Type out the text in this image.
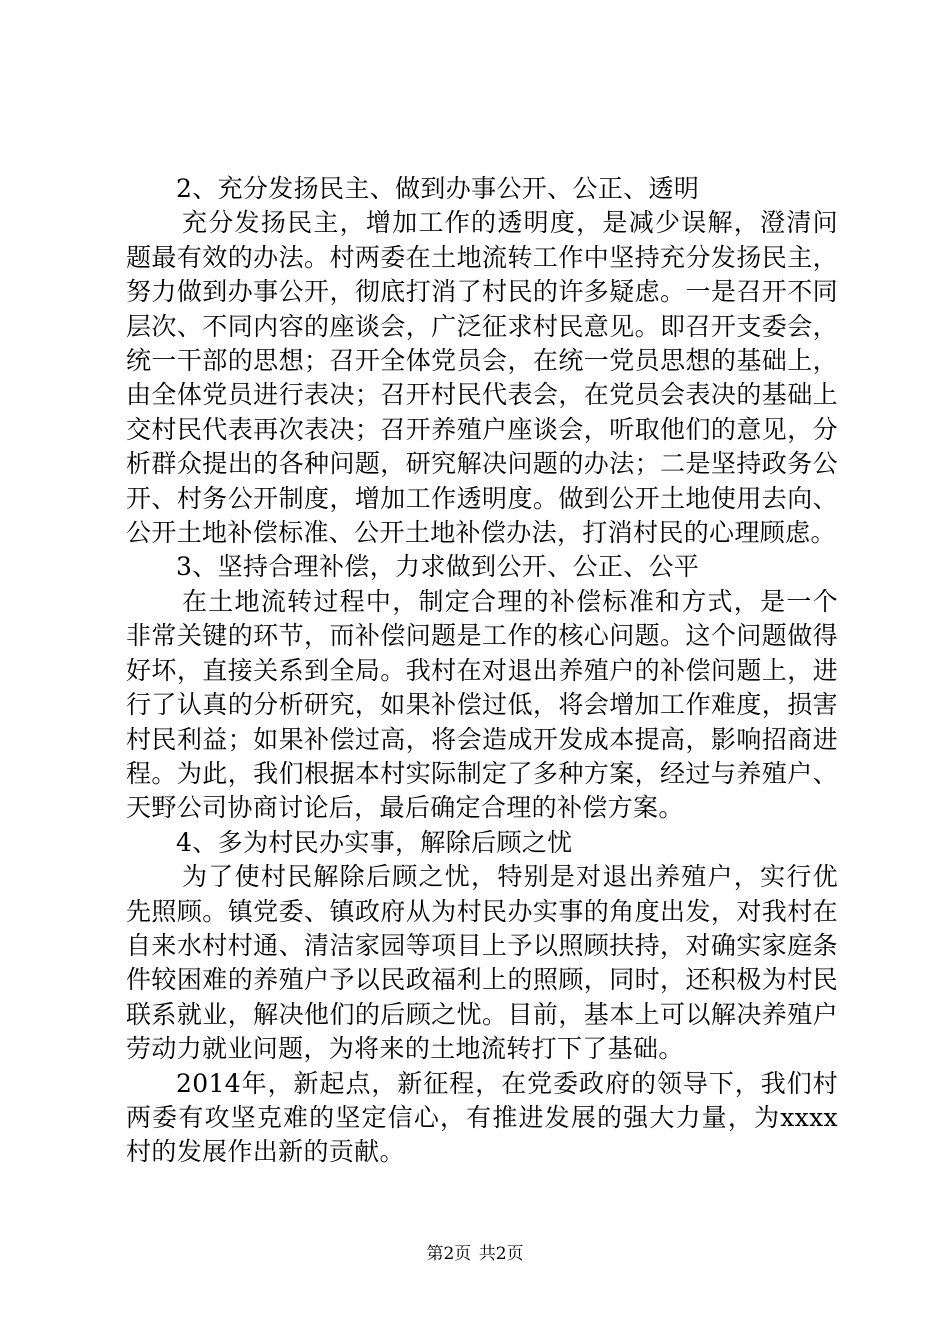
2、充分发扬民主、做到办事公开、公正、透明

充分发扬民主，增加工作的透明度，是减少误解，澄清问题最有效的办法。村两委在土地流转工作中坚持充分发扬民主，努力做到办事公开，彻底打消了村民的许多疑虑。一是召开不同层次、不同内容的座谈会，广泛征求村民意见。即召开支委会，统一干部的思想；召开全体党员会，在统一党员思想的基础上，由全体党员进行表决；召开村民代表会，在党员会表决的基础上交村民代表再次表决；召开养殖户座谈会，听取他们的意见，分析群众提出的各种问题，研究解决问题的办法；二是坚持政务公开、村务公开制度，增加工作透明度。做到公开土地使用去向、公开土地补偿标准、公开土地补偿办法，打消村民的心理顾虑。

3、坚持合理补偿，力求做到公开、公正、公平

在土地流转过程中，制定合理的补偿标准和方式，是一个非常关键的环节，而补偿问题是工作的核心问题。这个问题做得好坏，直接关系到全局。我村在对退出养殖户的补偿问题上，进行了认真的分析研究，如果补偿过低，将会增加工作难度，损害村民利益；如果补偿过高，将会造成开发成本提高，影响招商进程。为此，我们根据本村实际制定了多种方案，经过与养殖户、天野公司协商讨论后，最后确定合理的补偿方案。

4、多为村民办实事，解除后顾之忧

为了使村民解除后顾之忧，特别是对退出养殖户，实行优先照顾。镇党委、镇政府从为村民办实事的角度出发，对我村在自来水村村通、清洁家园等项目上予以照顾扶持，对确实家庭条件较困难的养殖户予以民政福利上的照顾，同时，还积极为村民联系就业，解决他们的后顾之忧。目前，基本上可以解决养殖户劳动力就业问题，为将来的土地流转打下了基础。

2014年，新起点，新征程，在党委政府的领导下，我们村两委有攻坚克难的坚定信心，有推进发展的强大力量，为xxxx村的发展作出新的贡献。

第2页 共2页
